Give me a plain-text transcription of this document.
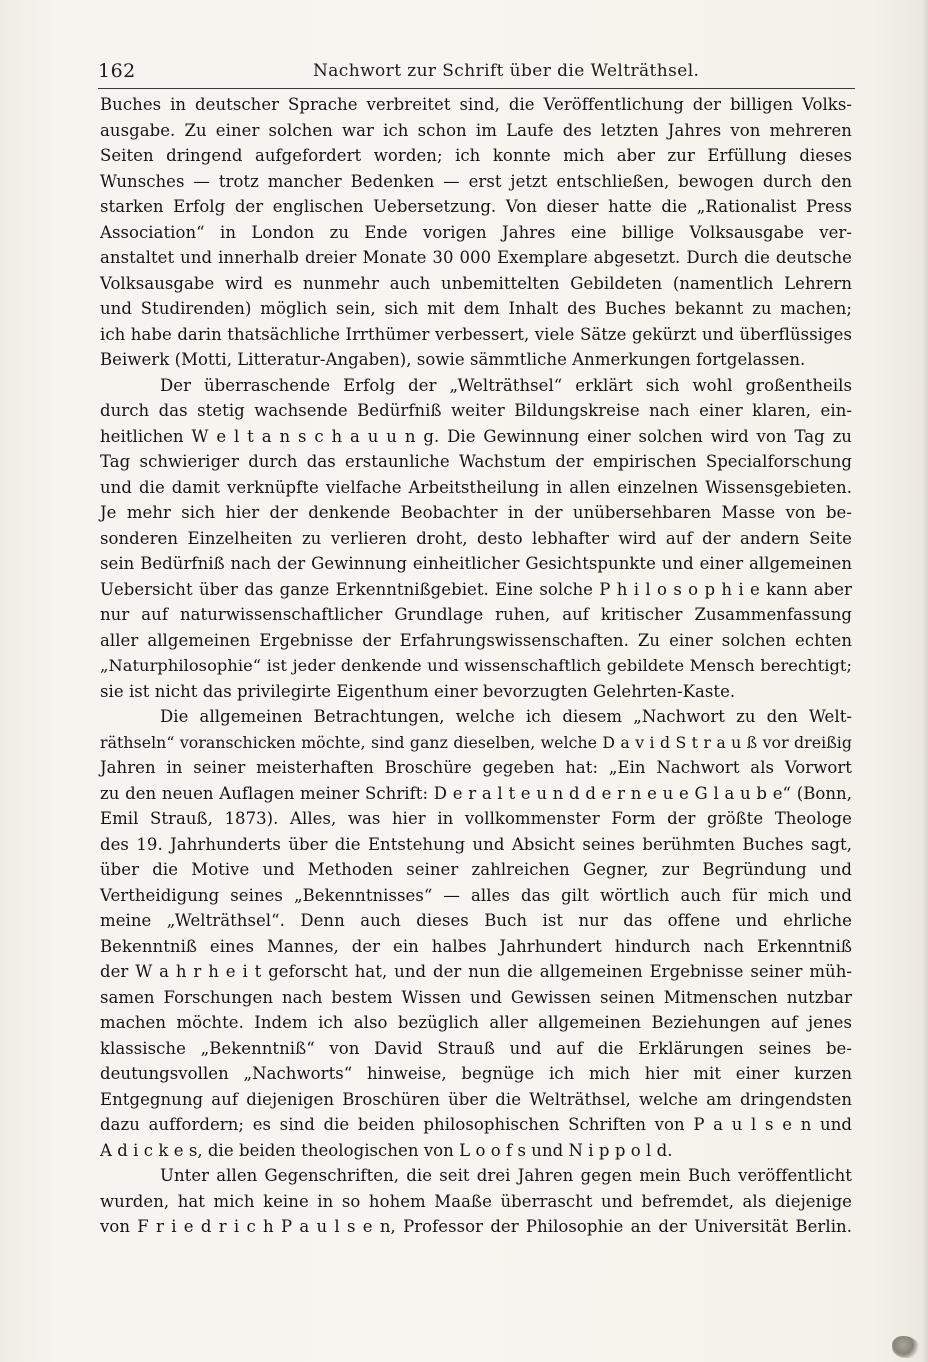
162	Nachwort zur Schrift über die Welträthsel.
Buches in deutscher Sprache verbreitet sind, die Veröffentlichung der billigen Volks-
ausgabe. Zu einer solchen war ich schon im Laufe des letzten Jahres von mehreren
Seiten dringend aufgefordert worden; ich konnte mich aber zur Erfüllung dieses
Wunsches — trotz mancher Bedenken — erst jetzt entschließen, bewogen durch den
starken Erfolg der englischen Uebersetzung. Von dieser hatte die „Rationalist Press
Association“ in London zu Ende vorigen Jahres eine billige Volksausgabe ver-
anstaltet und innerhalb dreier Monate 30 000 Exemplare abgesetzt. Durch die deutsche
Volksausgabe wird es nunmehr auch unbemittelten Gebildeten (namentlich Lehrern
und Studirenden) möglich sein, sich mit dem Inhalt des Buches bekannt zu machen;
ich habe darin thatsächliche Irrthümer verbessert, viele Sätze gekürzt und überflüssiges
Beiwerk (Motti, Litteratur-Angaben), sowie sämmtliche Anmerkungen fortgelassen.
Der überraschende Erfolg der „Welträthsel“ erklärt sich wohl großentheils
durch das stetig wachsende Bedürfniß weiter Bildungskreise nach einer klaren, ein-
heitlichen W e l t a n s c h a u u n g. Die Gewinnung einer solchen wird von Tag zu
Tag schwieriger durch das erstaunliche Wachstum der empirischen Specialforschung
und die damit verknüpfte vielfache Arbeitstheilung in allen einzelnen Wissensgebieten.
Je mehr sich hier der denkende Beobachter in der unübersehbaren Masse von be-
sonderen Einzelheiten zu verlieren droht, desto lebhafter wird auf der andern Seite
sein Bedürfniß nach der Gewinnung einheitlicher Gesichtspunkte und einer allgemeinen
Uebersicht über das ganze Erkenntnißgebiet. Eine solche P h i l o s o p h i e kann aber
nur auf naturwissenschaftlicher Grundlage ruhen, auf kritischer Zusammenfassung
aller allgemeinen Ergebnisse der Erfahrungswissenschaften. Zu einer solchen echten
„Naturphilosophie“ ist jeder denkende und wissenschaftlich gebildete Mensch berechtigt;
sie ist nicht das privilegirte Eigenthum einer bevorzugten Gelehrten-Kaste.
Die allgemeinen Betrachtungen, welche ich diesem „Nachwort zu den Welt-
räthseln“ voranschicken möchte, sind ganz dieselben, welche D a v i d S t r a u ß vor dreißig
Jahren in seiner meisterhaften Broschüre gegeben hat: „Ein Nachwort als Vorwort
zu den neuen Auflagen meiner Schrift: D e r a l t e u n d d e r n e u e G l a u b e“ (Bonn,
Emil Strauß, 1873). Alles, was hier in vollkommenster Form der größte Theologe
des 19. Jahrhunderts über die Entstehung und Absicht seines berühmten Buches sagt,
über die Motive und Methoden seiner zahlreichen Gegner, zur Begründung und
Vertheidigung seines „Bekenntnisses“ — alles das gilt wörtlich auch für mich und
meine „Welträthsel“. Denn auch dieses Buch ist nur das offene und ehrliche
Bekenntniß eines Mannes, der ein halbes Jahrhundert hindurch nach Erkenntniß
der W a h r h e i t geforscht hat, und der nun die allgemeinen Ergebnisse seiner müh-
samen Forschungen nach bestem Wissen und Gewissen seinen Mitmenschen nutzbar
machen möchte. Indem ich also bezüglich aller allgemeinen Beziehungen auf jenes
klassische „Bekenntniß“ von David Strauß und auf die Erklärungen seines be-
deutungsvollen „Nachworts“ hinweise, begnüge ich mich hier mit einer kurzen
Entgegnung auf diejenigen Broschüren über die Welträthsel, welche am dringendsten
dazu auffordern; es sind die beiden philosophischen Schriften von P a u l s e n und
A d i c k e s, die beiden theologischen von L o o f s und N i p p o l d.
Unter allen Gegenschriften, die seit drei Jahren gegen mein Buch veröffentlicht
wurden, hat mich keine in so hohem Maaße überrascht und befremdet, als diejenige
von F r i e d r i c h P a u l s e n, Professor der Philosophie an der Universität Berlin.
